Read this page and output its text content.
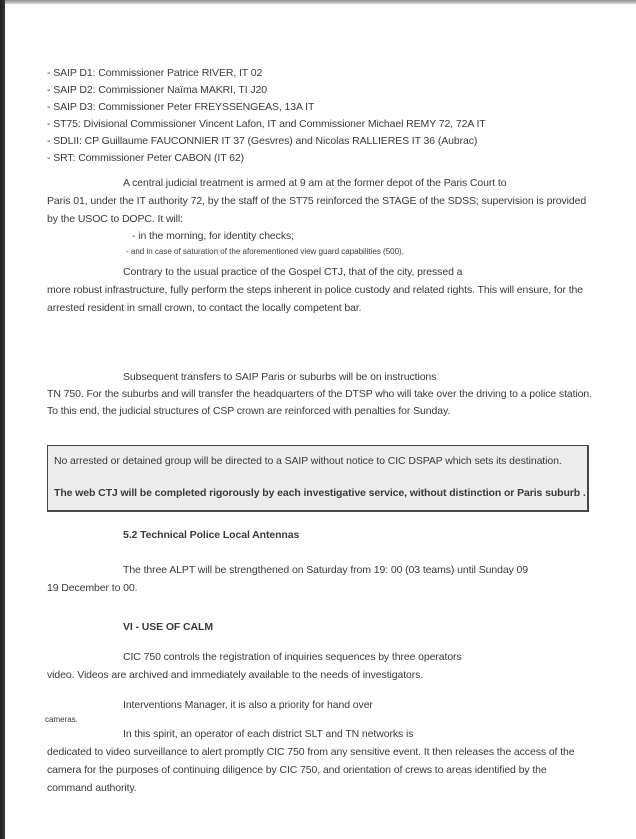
- SAIP D1: Commissioner Patrice RIVER, IT 02
- SAIP D2: Commissioner Naïma MAKRI, TI J20
- SAIP D3: Commissioner Peter FREYSSENGEAS, 13A IT
- ST75: Divisional Commissioner Vincent Lafon, IT and Commissioner Michael REMY 72, 72A IT
- SDLII: CP Guillaume FAUCONNIER IT 37 (Gesvres) and Nicolas RALLIERES IT 36 (Aubrac)
- SRT: Commissioner Peter CABON (IT 62)
A central judicial treatment is armed at 9 am at the former depot of the Paris Court to
Paris 01, under the IT authority 72, by the staff of the ST75 reinforced the STAGE of the SDSS; supervision is provided
by the USOC to DOPC. It will:
- in the morning, for identity checks;
- and in case of saturation of the aforementioned view guard capabilities (500),
Contrary to the usual practice of the Gospel CTJ, that of the city, pressed a
more robust infrastructure, fully perform the steps inherent in police custody and related rights. This will ensure, for the
arrested resident in small crown, to contact the locally competent bar.
Subsequent transfers to SAIP Paris or suburbs will be on instructions
TN 750. For the suburbs and will transfer the headquarters of the DTSP who will take over the driving to a police station.
To this end, the judicial structures of CSP crown are reinforced with penalties for Sunday.
No arrested or detained group will be directed to a SAIP without notice to CIC DSPAP which sets its destination.
The web CTJ will be completed rigorously by each investigative service, without distinction or Paris suburb .
5.2 Technical Police Local Antennas
The three ALPT will be strengthened on Saturday from 19: 00 (03 teams) until Sunday 09
19 December to 00.
VI - USE OF CALM
CIC 750 controls the registration of inquiries sequences by three operators
video. Videos are archived and immediately available to the needs of investigators.
Interventions Manager, it is also a priority for hand over
cameras.
In this spirit, an operator of each district SLT and TN networks is
dedicated to video surveillance to alert promptly CIC 750 from any sensitive event. It then releases the access of the
camera for the purposes of continuing diligence by CIC 750, and orientation of crews to areas identified by the
command authority.
